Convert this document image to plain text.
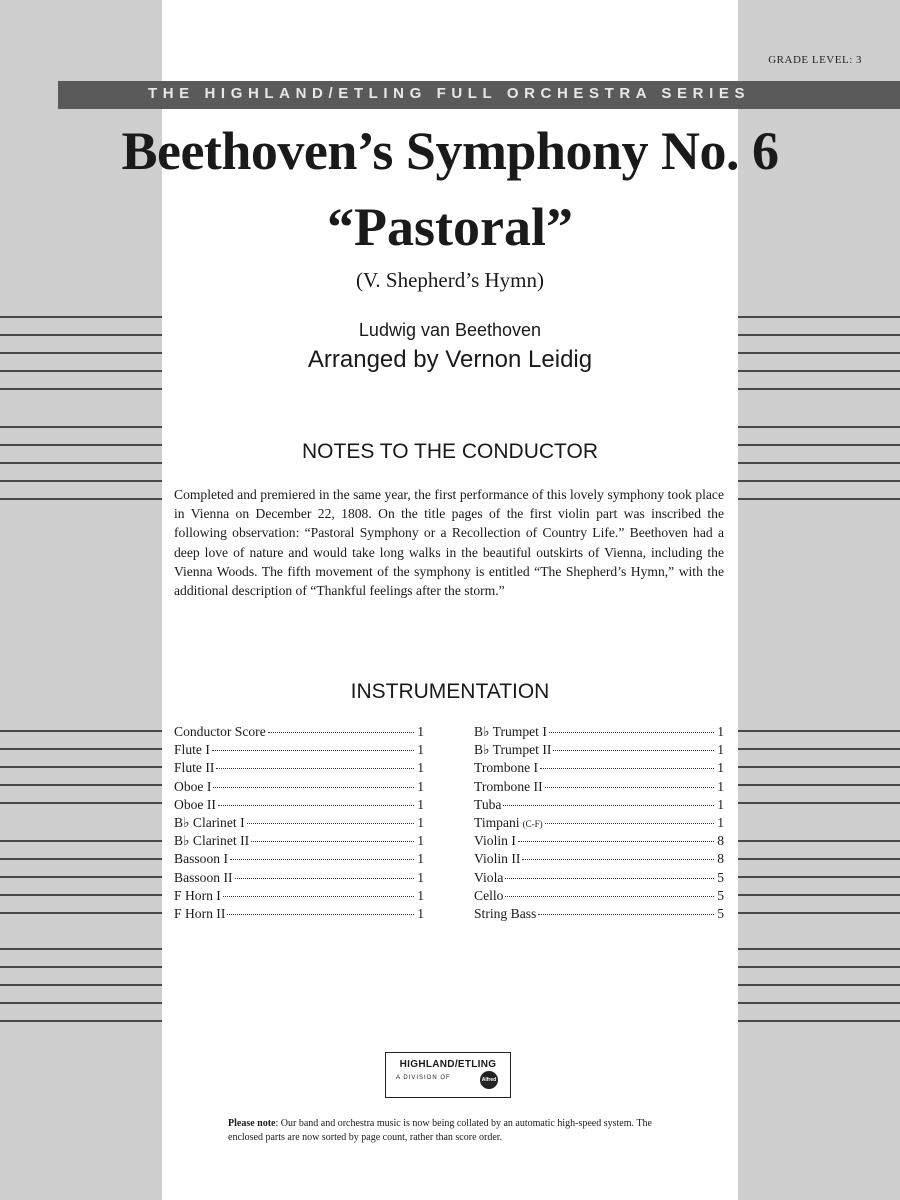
GRADE LEVEL: 3
THE HIGHLAND/ETLING FULL ORCHESTRA SERIES
Beethoven’s Symphony No. 6
“Pastoral”
(V. Shepherd’s Hymn)
Ludwig van Beethoven
Arranged by Vernon Leidig
NOTES TO THE CONDUCTOR
Completed and premiered in the same year, the first performance of this lovely symphony took place in Vienna on December 22, 1808. On the title pages of the first violin part was inscribed the following observation: “Pastoral Symphony or a Recollection of Country Life.” Beethoven had a deep love of nature and would take long walks in the beautiful outskirts of Vienna, including the Vienna Woods. The fifth movement of the symphony is entitled “The Shepherd’s Hymn,” with the additional description of “Thankful feelings after the storm.”
INSTRUMENTATION
Conductor Score	1
Flute I	1
Flute II	1
Oboe I	1
Oboe II	1
B♭ Clarinet I	1
B♭ Clarinet II	1
Bassoon I	1
Bassoon II	1
F Horn I	1
F Horn II	1
B♭ Trumpet I	1
B♭ Trumpet II	1
Trombone I	1
Trombone II	1
Tuba	1
Timpani (C-F)	1
Violin I	8
Violin II	8
Viola	5
Cello	5
String Bass	5
HIGHLAND/ETLING
A DIVISION OF	Alfred
Please note: Our band and orchestra music is now being collated by an automatic high-speed system. The enclosed parts are now sorted by page count, rather than score order.
